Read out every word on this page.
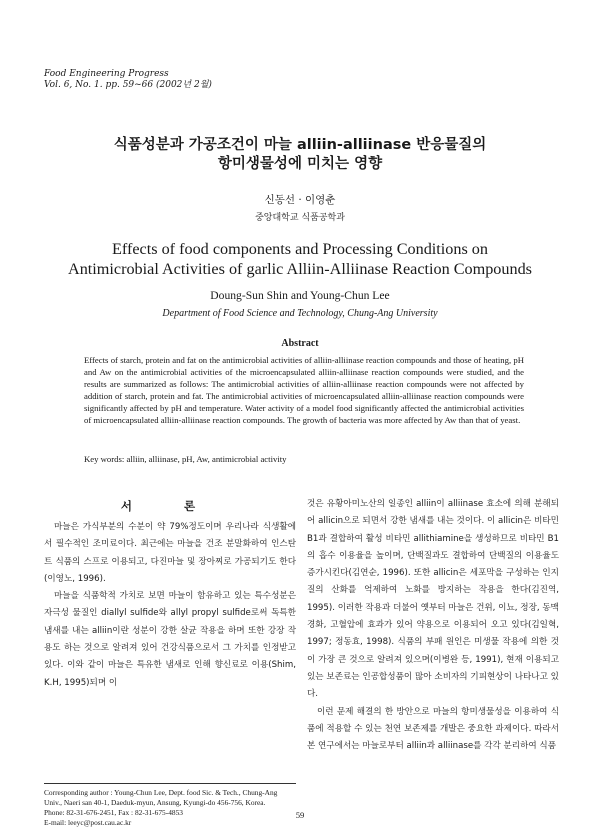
Food Engineering Progress
Vol. 6, No. 1. pp. 59~66 (2002년 2월)
식품성분과 가공조건이 마늘 alliin-alliinase 반응물질의
항미생물성에 미치는 영향
신동선 · 이영춘
중앙대학교 식품공학과
Effects of food components and Processing Conditions on
Antimicrobial Activities of garlic Alliin-Alliinase Reaction Compounds
Doung-Sun Shin and Young-Chun Lee
Department of Food Science and Technology, Chung-Ang University
Abstract
Effects of starch, protein and fat on the antimicrobial activities of alliin-alliinase reaction compounds and those of heating, pH and Aw on the antimicrobial activities of the microencapsulated alliin-alliinase reaction compounds were studied, and the results are summarized as follows: The antimicrobial activities of alliin-alliinase reaction compounds were not affected by addition of starch, protein and fat. The antimicrobial activities of microencapsulated alliin-alliinase reaction compounds were significantly affected by pH and temperature. Water activity of a model food significantly affected the antimicrobial activities of microencapsulated alliin-alliinase reaction compounds. The growth of bacteria was more affected by Aw than that of yeast.
Key words: alliin, alliinase, pH, Aw, antimicrobial activity
서 론

마늘은 가식부분의 수분이 약 79%정도이며 우리나라 식생활에서 필수적인 조미료이다. 최근에는 마늘을 건조 분말화하여 인스탄트 식품의 스프로 이용되고, 다진마늘 및 장아찌로 가공되기도 한다(이영노, 1996).

마늘을 식품학적 가치로 보면 마늘이 함유하고 있는 특수성분은 자극성 물질인 diallyl sulfide와 allyl propyl sulfide로써 독특한 냄새를 내는 alliin이란 성분이 강한 살균 작용을 하며 또한 강장 작용도 하는 것으로 알려져 있어 건강식품으로서 그 가치를 인정받고 있다. 이와 같이 마늘은 특유한 냄새로 인해 향신료로 이용(Shim, K.H, 1995)되며 이

것은 유황아미노산의 일종인 alliin이 alliinase 효소에 의해 분해되어 allicin으로 되면서 강한 냄새를 내는 것이다. 이 allicin은 비타민 B1과 결합하여 활성 비타민 allithiamine을 생성하므로 비타민 B1의 흡수 이용율을 높이며, 단백질과도 결합하여 단백질의 이용율도 증가시킨다(김연순, 1996). 또한 allicin은 세포막을 구성하는 인지질의 산화를 억제하여 노화를 방지하는 작용을 한다(김진역, 1995). 이러한 작용과 더불어 옛부터 마늘은 건위, 이뇨, 정장, 동맥경화, 고혈압에 효과가 있어 약용으로 이용되어 오고 있다(김일혁, 1997; 정동효, 1998). 식품의 부패 원인은 미생물 작용에 의한 것이 가장 큰 것으로 알려져 있으며(이병완 등, 1991), 현재 이용되고 있는 보존료는 인공합성품이 많아 소비자의 기피현상이 나타나고 있다.

이런 문제 해결의 한 방안으로 마늘의 항미생물성을 이용하여 식품에 적용할 수 있는 천연 보존제를 개발은 중요한 과제이다. 따라서 본 연구에서는 마늘로부터 alliin과 alliinase를 각각 분리하여 식품

Corresponding author : Young-Chun Lee, Dept. food Sic. & Tech., Chung-Ang Univ., Naeri san 40-1, Daeduk-myun, Ansung, Kyungi-do 456-756, Korea.
Phone: 82-31-676-2451, Fax : 82-31-675-4853
E-mail: leeyc@post.cau.ac.kr
59
